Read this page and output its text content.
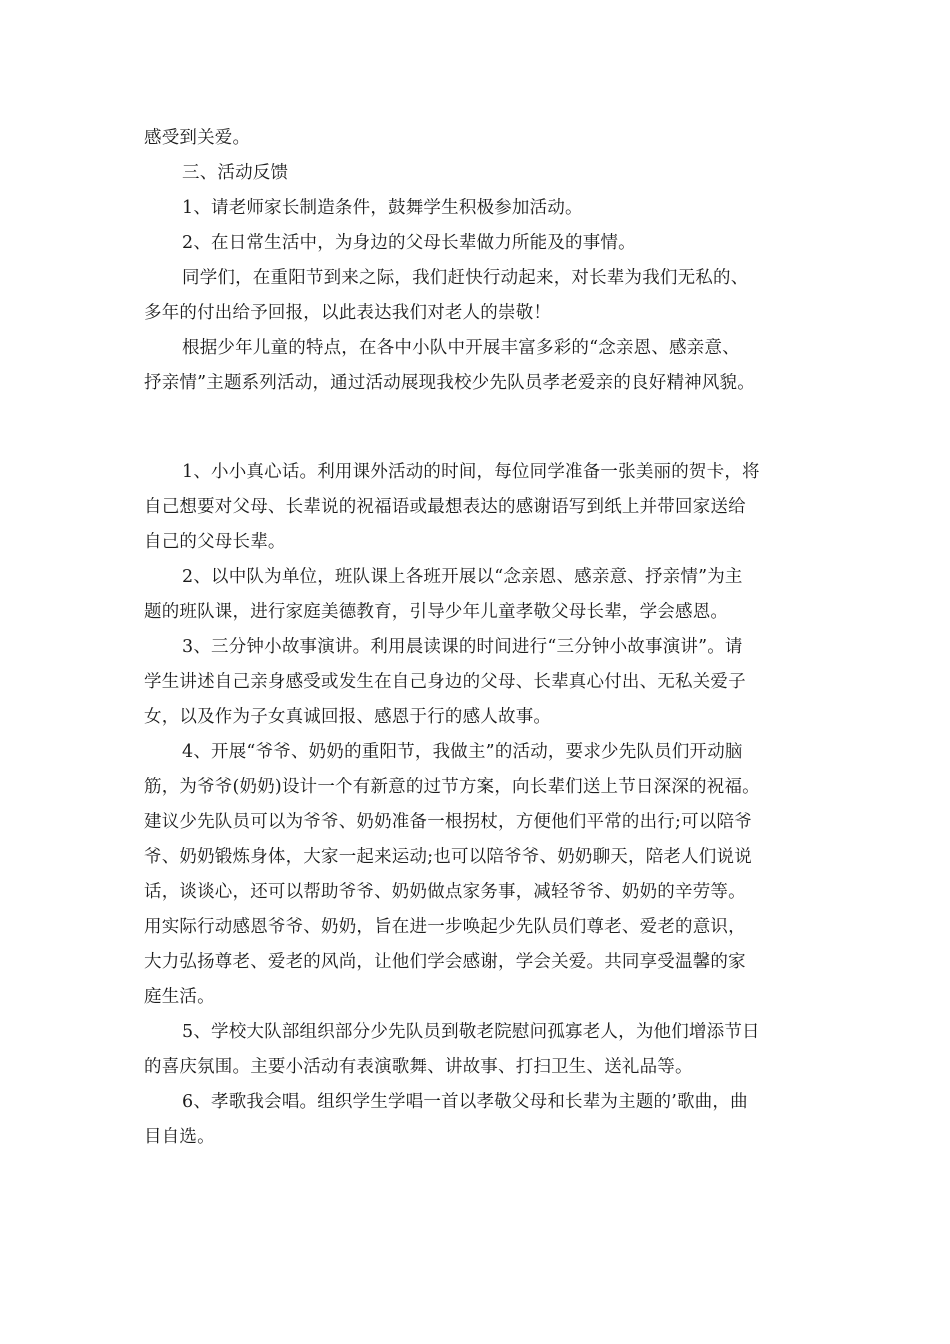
感受到关爱。
三、活动反馈
1、请老师家长制造条件，鼓舞学生积极参加活动。
2、在日常生活中，为身边的父母长辈做力所能及的事情。
同学们，在重阳节到来之际，我们赶快行动起来，对长辈为我们无私的、
多年的付出给予回报，以此表达我们对老人的崇敬！
根据少年儿童的特点，在各中小队中开展丰富多彩的“念亲恩、感亲意、
抒亲情”主题系列活动，通过活动展现我校少先队员孝老爱亲的良好精神风貌。
1、小小真心话。利用课外活动的时间，每位同学准备一张美丽的贺卡，将
自己想要对父母、长辈说的祝福语或最想表达的感谢语写到纸上并带回家送给
自己的父母长辈。
2、以中队为单位，班队课上各班开展以“念亲恩、感亲意、抒亲情”为主
题的班队课，进行家庭美德教育，引导少年儿童孝敬父母长辈，学会感恩。
3、三分钟小故事演讲。利用晨读课的时间进行“三分钟小故事演讲”。请
学生讲述自己亲身感受或发生在自己身边的父母、长辈真心付出、无私关爱子
女，以及作为子女真诚回报、感恩于行的感人故事。
4、开展“爷爷、奶奶的重阳节，我做主”的活动，要求少先队员们开动脑
筋，为爷爷(奶奶)设计一个有新意的过节方案，向长辈们送上节日深深的祝福。
建议少先队员可以为爷爷、奶奶准备一根拐杖，方便他们平常的出行;可以陪爷
爷、奶奶锻炼身体，大家一起来运动;也可以陪爷爷、奶奶聊天，陪老人们说说
话，谈谈心，还可以帮助爷爷、奶奶做点家务事，减轻爷爷、奶奶的辛劳等。
用实际行动感恩爷爷、奶奶，旨在进一步唤起少先队员们尊老、爱老的意识，
大力弘扬尊老、爱老的风尚，让他们学会感谢，学会关爱。共同享受温馨的家
庭生活。
5、学校大队部组织部分少先队员到敬老院慰问孤寡老人，为他们增添节日
的喜庆氛围。主要小活动有表演歌舞、讲故事、打扫卫生、送礼品等。
6、孝歌我会唱。组织学生学唱一首以孝敬父母和长辈为主题的’歌曲，曲
目自选。
